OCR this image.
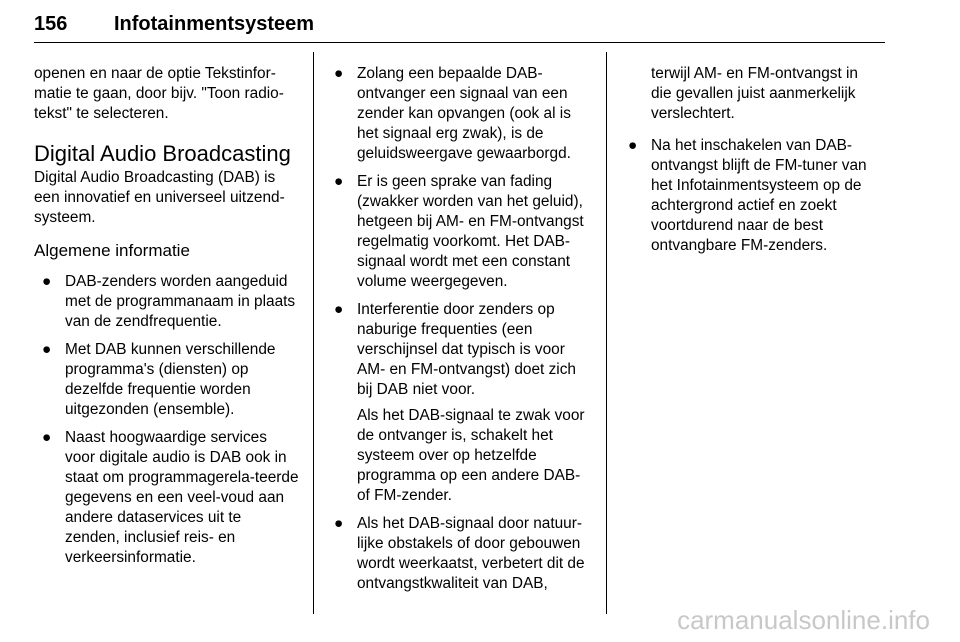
156 Infotainmentsysteem

openen en naar de optie Tekstinfor-matie te gaan, door bijv. "Toon radio-tekst" te selecteren.

Digital Audio Broadcasting

Digital Audio Broadcasting (DAB) is een innovatief en universeel uitzend-systeem.

Algemene informatie
● DAB-zenders worden aangeduid met de programmanaam in plaats van de zendfrequentie.
● Met DAB kunnen verschillende programma's (diensten) op dezelfde frequentie worden uitgezonden (ensemble).
● Naast hoogwaardige services voor digitale audio is DAB ook in staat om programmagerela-teerde gegevens en een veel-voud aan andere dataservices uit te zenden, inclusief reis- en verkeersinformatie.
● Zolang een bepaalde DAB-ontvanger een signaal van een zender kan opvangen (ook al is het signaal erg zwak), is de geluidsweergave gewaarborgd.
● Er is geen sprake van fading (zwakker worden van het geluid), hetgeen bij AM- en FM-ontvangst regelmatig voorkomt. Het DAB-signaal wordt met een constant volume weergegeven.
● Interferentie door zenders op naburige frequenties (een verschijnsel dat typisch is voor AM- en FM-ontvangst) doet zich bij DAB niet voor.

Als het DAB-signaal te zwak voor de ontvanger is, schakelt het systeem over op hetzelfde programma op een andere DAB-of FM-zender.

● Als het DAB-signaal door natuur-lijke obstakels of door gebouwen wordt weerkaatst, verbetert dit de ontvangstkwaliteit van DAB,

terwijl AM- en FM-ontvangst in die gevallen juist aanmerkelijk verslechtert.

● Na het inschakelen van DAB-ontvangst blijft de FM-tuner van het Infotainmentsysteem op de achtergrond actief en zoekt voortdurend naar de best ontvangbare FM-zenders.
carmanualsonline.info
